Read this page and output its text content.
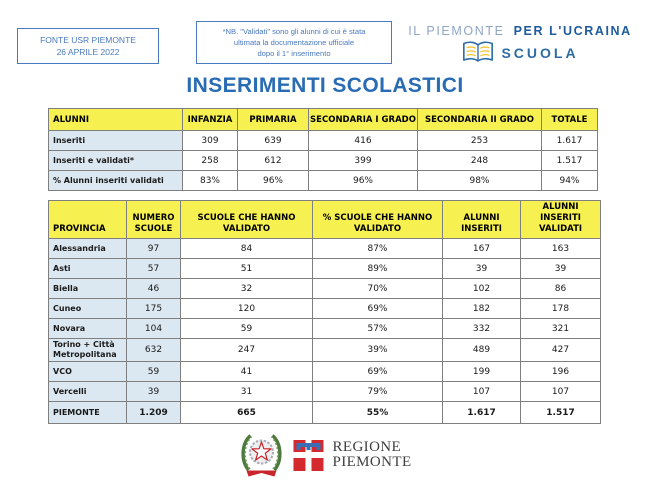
FONTE USR PIEMONTE
26 APRILE 2022
*NB. "Validati" sono gli alunni di cui è stata
ultimata la documentazione ufficiale
dopo il 1° inserimento
IL PIEMONTE PER L'UCRAINA
SCUOLA
INSERIMENTI SCOLASTICI
ALUNNI	INFANZIA	PRIMARIA	SECONDARIA I GRADO	SECONDARIA II GRADO	TOTALE
Inseriti	309	639	416	253	1.617
Inseriti e validati*	258	612	399	248	1.517
% Alunni inseriti validati	83%	96%	96%	98%	94%
PROVINCIA	NUMERO SCUOLE	SCUOLE CHE HANNO VALIDATO	% SCUOLE CHE HANNO VALIDATO	ALUNNI INSERITI	ALUNNI INSERITI VALIDATI
Alessandria	97	84	87%	167	163
Asti	57	51	89%	39	39
Biella	46	32	70%	102	86
Cuneo	175	120	69%	182	178
Novara	104	59	57%	332	321
Torino + Città Metropolitana	632	247	39%	489	427
VCO	59	41	69%	199	196
Vercelli	39	31	79%	107	107
PIEMONTE	1.209	665	55%	1.617	1.517
REGIONE
PIEMONTE
